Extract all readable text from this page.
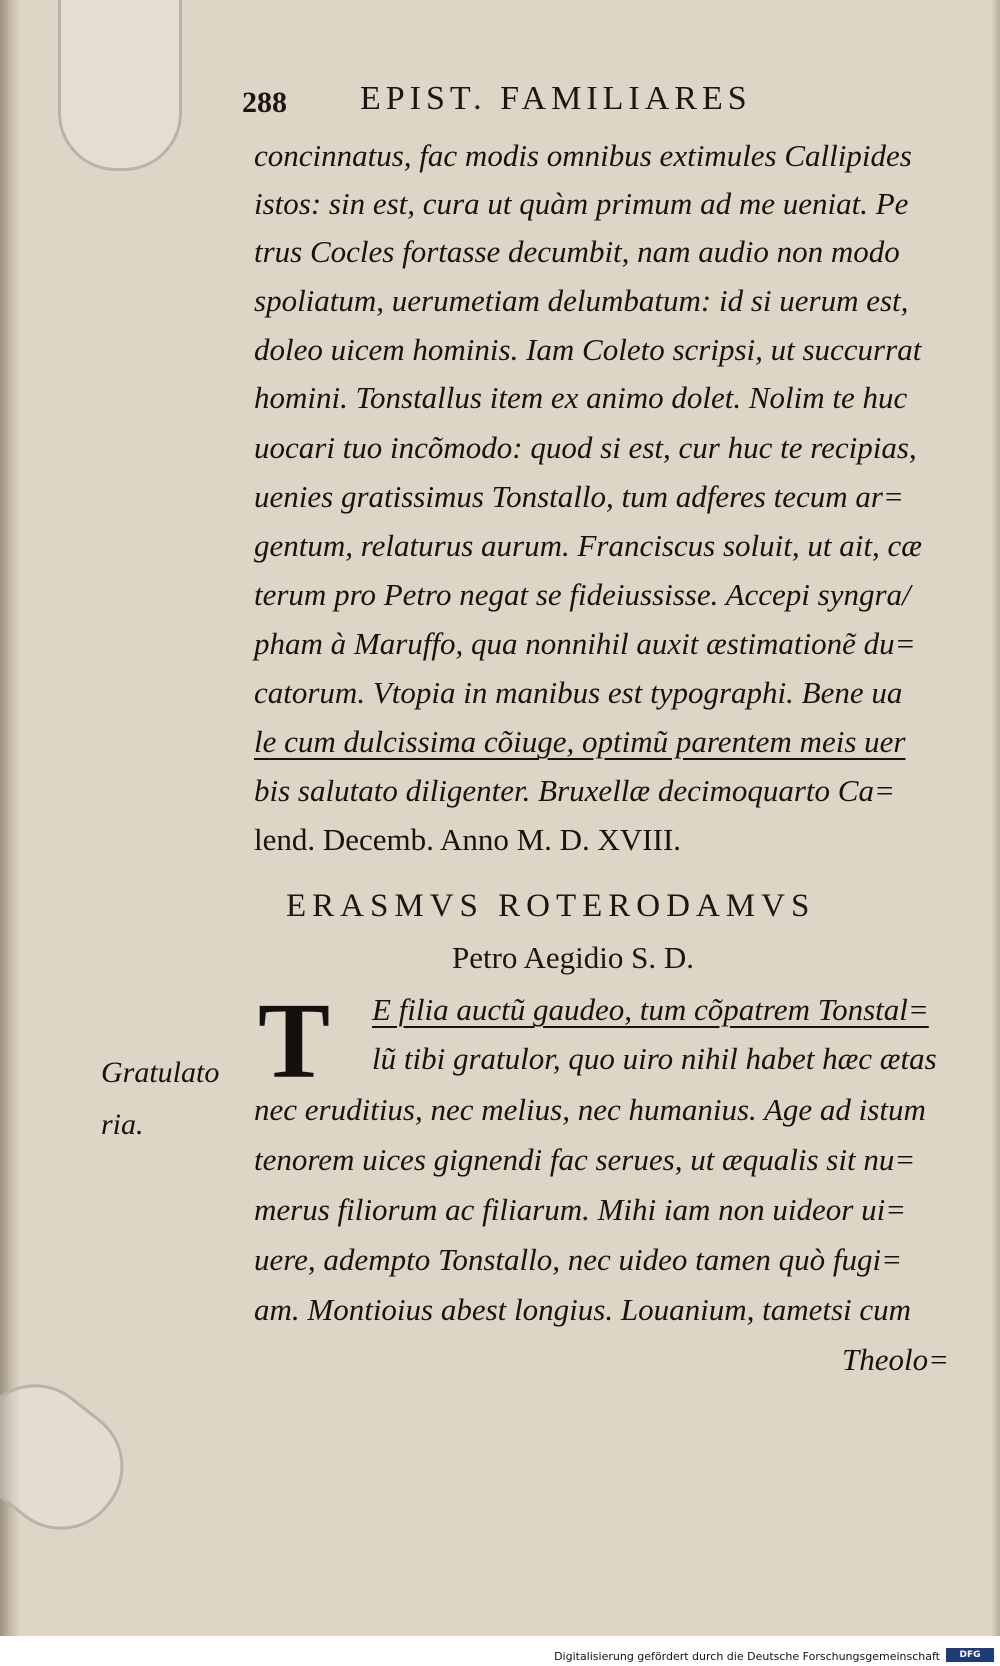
288 EPIST. FAMILIARES
concinnatus, fac modis omnibus extimules Callipides
istos: sin est, cura ut quàm primum ad me ueniat. Pe
trus Cocles fortasse decumbit, nam audio non modo
spoliatum, uerumetiam delumbatum: id si uerum est,
doleo uicem hominis. Iam Coleto scripsi, ut succurrat
homini. Tonstallus item ex animo dolet. Nolim te huc
uocari tuo incõmodo: quod si est, cur huc te recipias,
uenies gratissimus Tonstallo, tum adferes tecum ar=
gentum, relaturus aurum. Franciscus soluit, ut ait, cæ
terum pro Petro negat se fideiussisse. Accepi syngra/
pham à Maruffo, qua nonnihil auxit æstimationẽ du=
catorum. Vtopia in manibus est typographi. Bene ua
le cum dulcissima cõiuge, optimũ parentem meis uer
bis salutato diligenter. Bruxellæ decimoquarto Ca=
lend. Decemb. Anno M. D. XVIII.
ERASMVS ROTERODAMVS
Petro Aegidio S. D.
T E filia auctũ gaudeo, tum cõpatrem Tonstal=
lũ tibi gratulor, quo uiro nihil habet hæc ætas
nec eruditius, nec melius, nec humanius. Age ad istum
tenorem uices gignendi fac serues, ut æqualis sit nu=
merus filiorum ac filiarum. Mihi iam non uideor ui=
uere, adempto Tonstallo, nec uideo tamen quò fugi=
am. Montioius abest longius. Louanium, tametsi cum
Theolo=
Gratulato
ria.
Digitalisierung gefördert durch die Deutsche Forschungsgemeinschaft	DFG
